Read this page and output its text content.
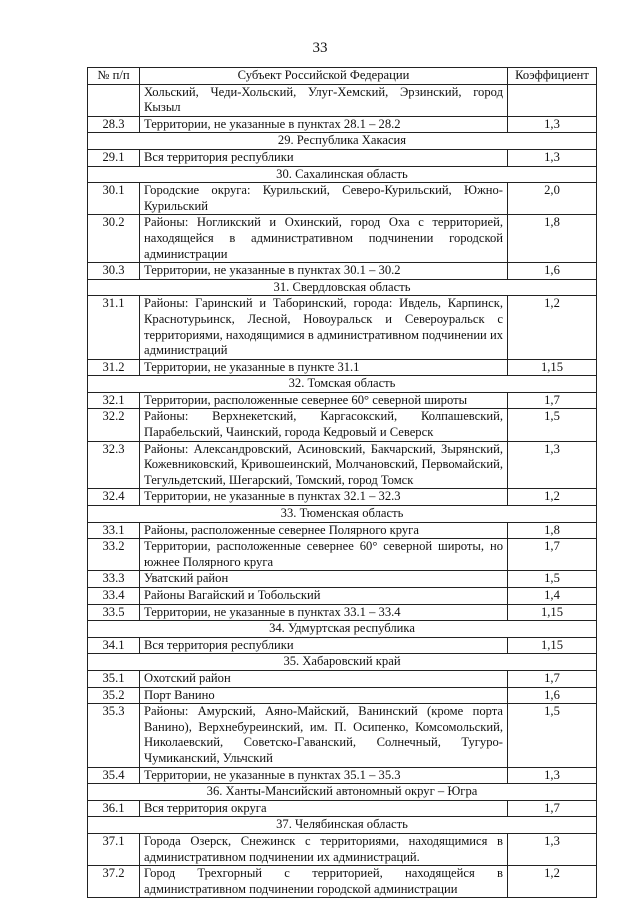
33
№ п/п	Субъект Российской Федерации	Коэффициент
	Хольский, Чеди-Хольский, Улуг-Хемский, Эрзинский, город Кызыл	
28.3	Территории, не указанные в пунктах 28.1 – 28.2	1,3
29. Республика Хакасия		
29.1	Вся территория республики	1,3
30. Сахалинская область		
30.1	Городские округа: Курильский, Северо-Курильский, Южно-Курильский	2,0
30.2	Районы: Ногликский и Охинский, город Оха с территорией, находящейся в административном подчинении городской администрации	1,8
30.3	Территории, не указанные в пунктах 30.1 – 30.2	1,6
31. Свердловская область		
31.1	Районы: Гаринский и Таборинский, города: Ивдель, Карпинск, Краснотурьинск, Лесной, Новоуральск и Североуральск с территориями, находящимися в административном подчинении их администраций	1,2
31.2	Территории, не указанные в пункте 31.1	1,15
32. Томская область		
32.1	Территории, расположенные севернее 60° северной широты	1,7
32.2	Районы: Верхнекетский, Каргасокский, Колпашевский, Парабельский, Чаинский, города Кедровый и Северск	1,5
32.3	Районы: Александровский, Асиновский, Бакчарский, Зырянский, Кожевниковский, Кривошеинский, Молчановский, Первомайский, Тегульдетский, Шегарский, Томский, город Томск	1,3
32.4	Территории, не указанные в пунктах 32.1 – 32.3	1,2
33. Тюменская область		
33.1	Районы, расположенные севернее Полярного круга	1,8
33.2	Территории, расположенные севернее 60° северной широты, но южнее Полярного круга	1,7
33.3	Уватский район	1,5
33.4	Районы Вагайский и Тобольский	1,4
33.5	Территории, не указанные в пунктах 33.1 – 33.4	1,15
34. Удмуртская республика		
34.1	Вся территория республики	1,15
35. Хабаровский край		
35.1	Охотский район	1,7
35.2	Порт Ванино	1,6
35.3	Районы: Амурский, Аяно-Майский, Ванинский (кроме порта Ванино), Верхнебуреинский, им. П. Осипенко, Комсомольский, Николаевский, Советско-Гаванский, Солнечный, Тугуро-Чумиканский, Ульчский	1,5
35.4	Территории, не указанные в пунктах 35.1 – 35.3	1,3
36. Ханты-Мансийский автономный округ – Югра		
36.1	Вся территория округа	1,7
37. Челябинская область		
37.1	Города Озерск, Снежинск с территориями, находящимися в административном подчинении их администраций.	1,3
37.2	Город Трехгорный с территорией, находящейся в административном подчинении городской администрации	1,2
